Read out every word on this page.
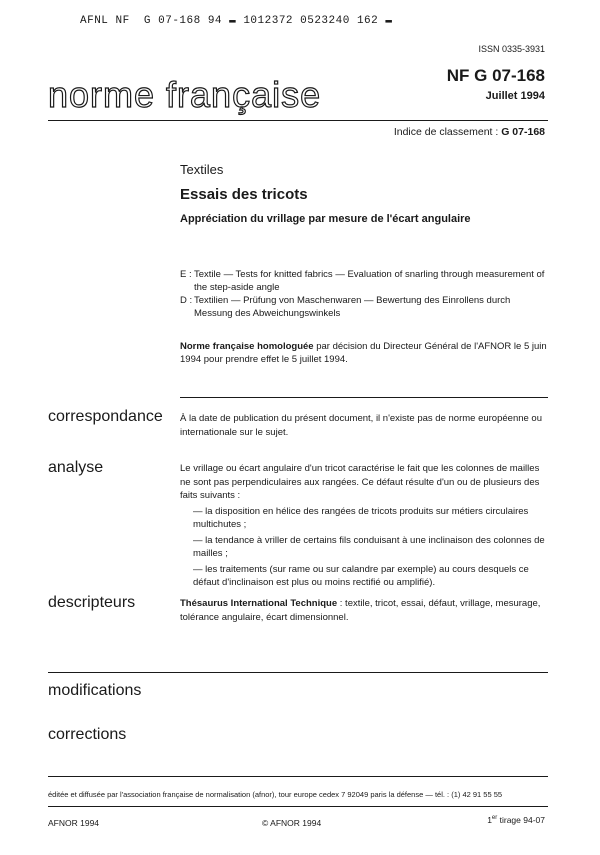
AFNL NF  G 07-168 94 ▬ 1012372 0523240 162 ▬
ISSN 0335-3931
norme française	NF G 07-168
Juillet 1994
Indice de classement : G 07-168
Textiles
Essais des tricots
Appréciation du vrillage par mesure de l'écart angulaire
E : Textile — Tests for knitted fabrics — Evaluation of snarling through measurement of the step-aside angle
D : Textilien — Prüfung von Maschenwaren — Bewertung des Einrollens durch Messung des Abweichungswinkels
Norme française homologuée par décision du Directeur Général de l'AFNOR le 5 juin 1994 pour prendre effet le 5 juillet 1994.
correspondance À la date de publication du présent document, il n'existe pas de norme européenne ou internationale sur le sujet.
analyse	Le vrillage ou écart angulaire d'un tricot caractérise le fait que les colonnes de mailles ne sont pas perpendiculaires aux rangées. Ce défaut résulte d'un ou de plusieurs des faits suivants :
— la disposition en hélice des rangées de tricots produits sur métiers circulaires multichutes ;
— la tendance à vriller de certains fils conduisant à une inclinaison des colonnes de mailles ;
— les traitements (sur rame ou sur calandre par exemple) au cours desquels ce défaut d'inclinaison est plus ou moins rectifié ou amplifié).
descripteurs	Thésaurus International Technique : textile, tricot, essai, défaut, vrillage, mesurage, tolérance angulaire, écart dimensionnel.
modifications
corrections
éditée et diffusée par l'association française de normalisation (afnor), tour europe cedex 7 92049 paris la défense — tél. : (1) 42 91 55 55
AFNOR 1994	© AFNOR 1994	1er tirage 94-07
